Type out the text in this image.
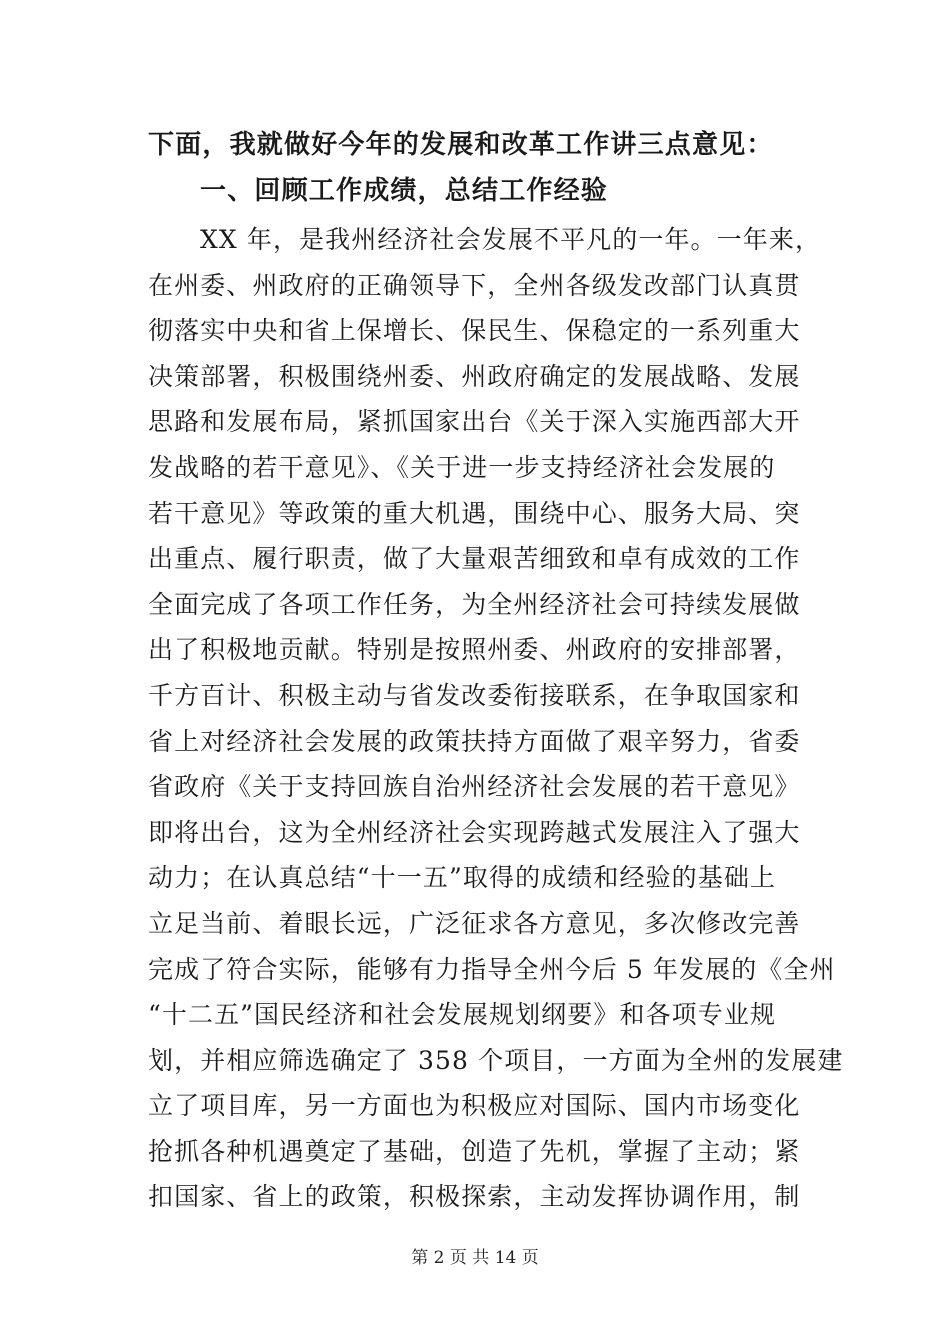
下面，我就做好今年的发展和改革工作讲三点意见：
一、回顾工作成绩，总结工作经验
XX 年，是我州经济社会发展不平凡的一年。一年来，
在州委、州政府的正确领导下，全州各级发改部门认真贯
彻落实中央和省上保增长、保民生、保稳定的一系列重大
决策部署，积极围绕州委、州政府确定的发展战略、发展
思路和发展布局，紧抓国家出台《关于深入实施西部大开
发战略的若干意见》、《关于进一步支持经济社会发展的
若干意见》等政策的重大机遇，围绕中心、服务大局、突
出重点、履行职责，做了大量艰苦细致和卓有成效的工作
全面完成了各项工作任务，为全州经济社会可持续发展做
出了积极地贡献。特别是按照州委、州政府的安排部署，
千方百计、积极主动与省发改委衔接联系，在争取国家和
省上对经济社会发展的政策扶持方面做了艰辛努力，省委
省政府《关于支持回族自治州经济社会发展的若干意见》
即将出台，这为全州经济社会实现跨越式发展注入了强大
动力；在认真总结“十一五”取得的成绩和经验的基础上
立足当前、着眼长远，广泛征求各方意见，多次修改完善
完成了符合实际，能够有力指导全州今后 5 年发展的《全州
“十二五”国民经济和社会发展规划纲要》和各项专业规
划，并相应筛选确定了 358 个项目，一方面为全州的发展建
立了项目库，另一方面也为积极应对国际、国内市场变化
抢抓各种机遇奠定了基础，创造了先机，掌握了主动；紧
扣国家、省上的政策，积极探索，主动发挥协调作用，制
第 2 页 共 14 页
